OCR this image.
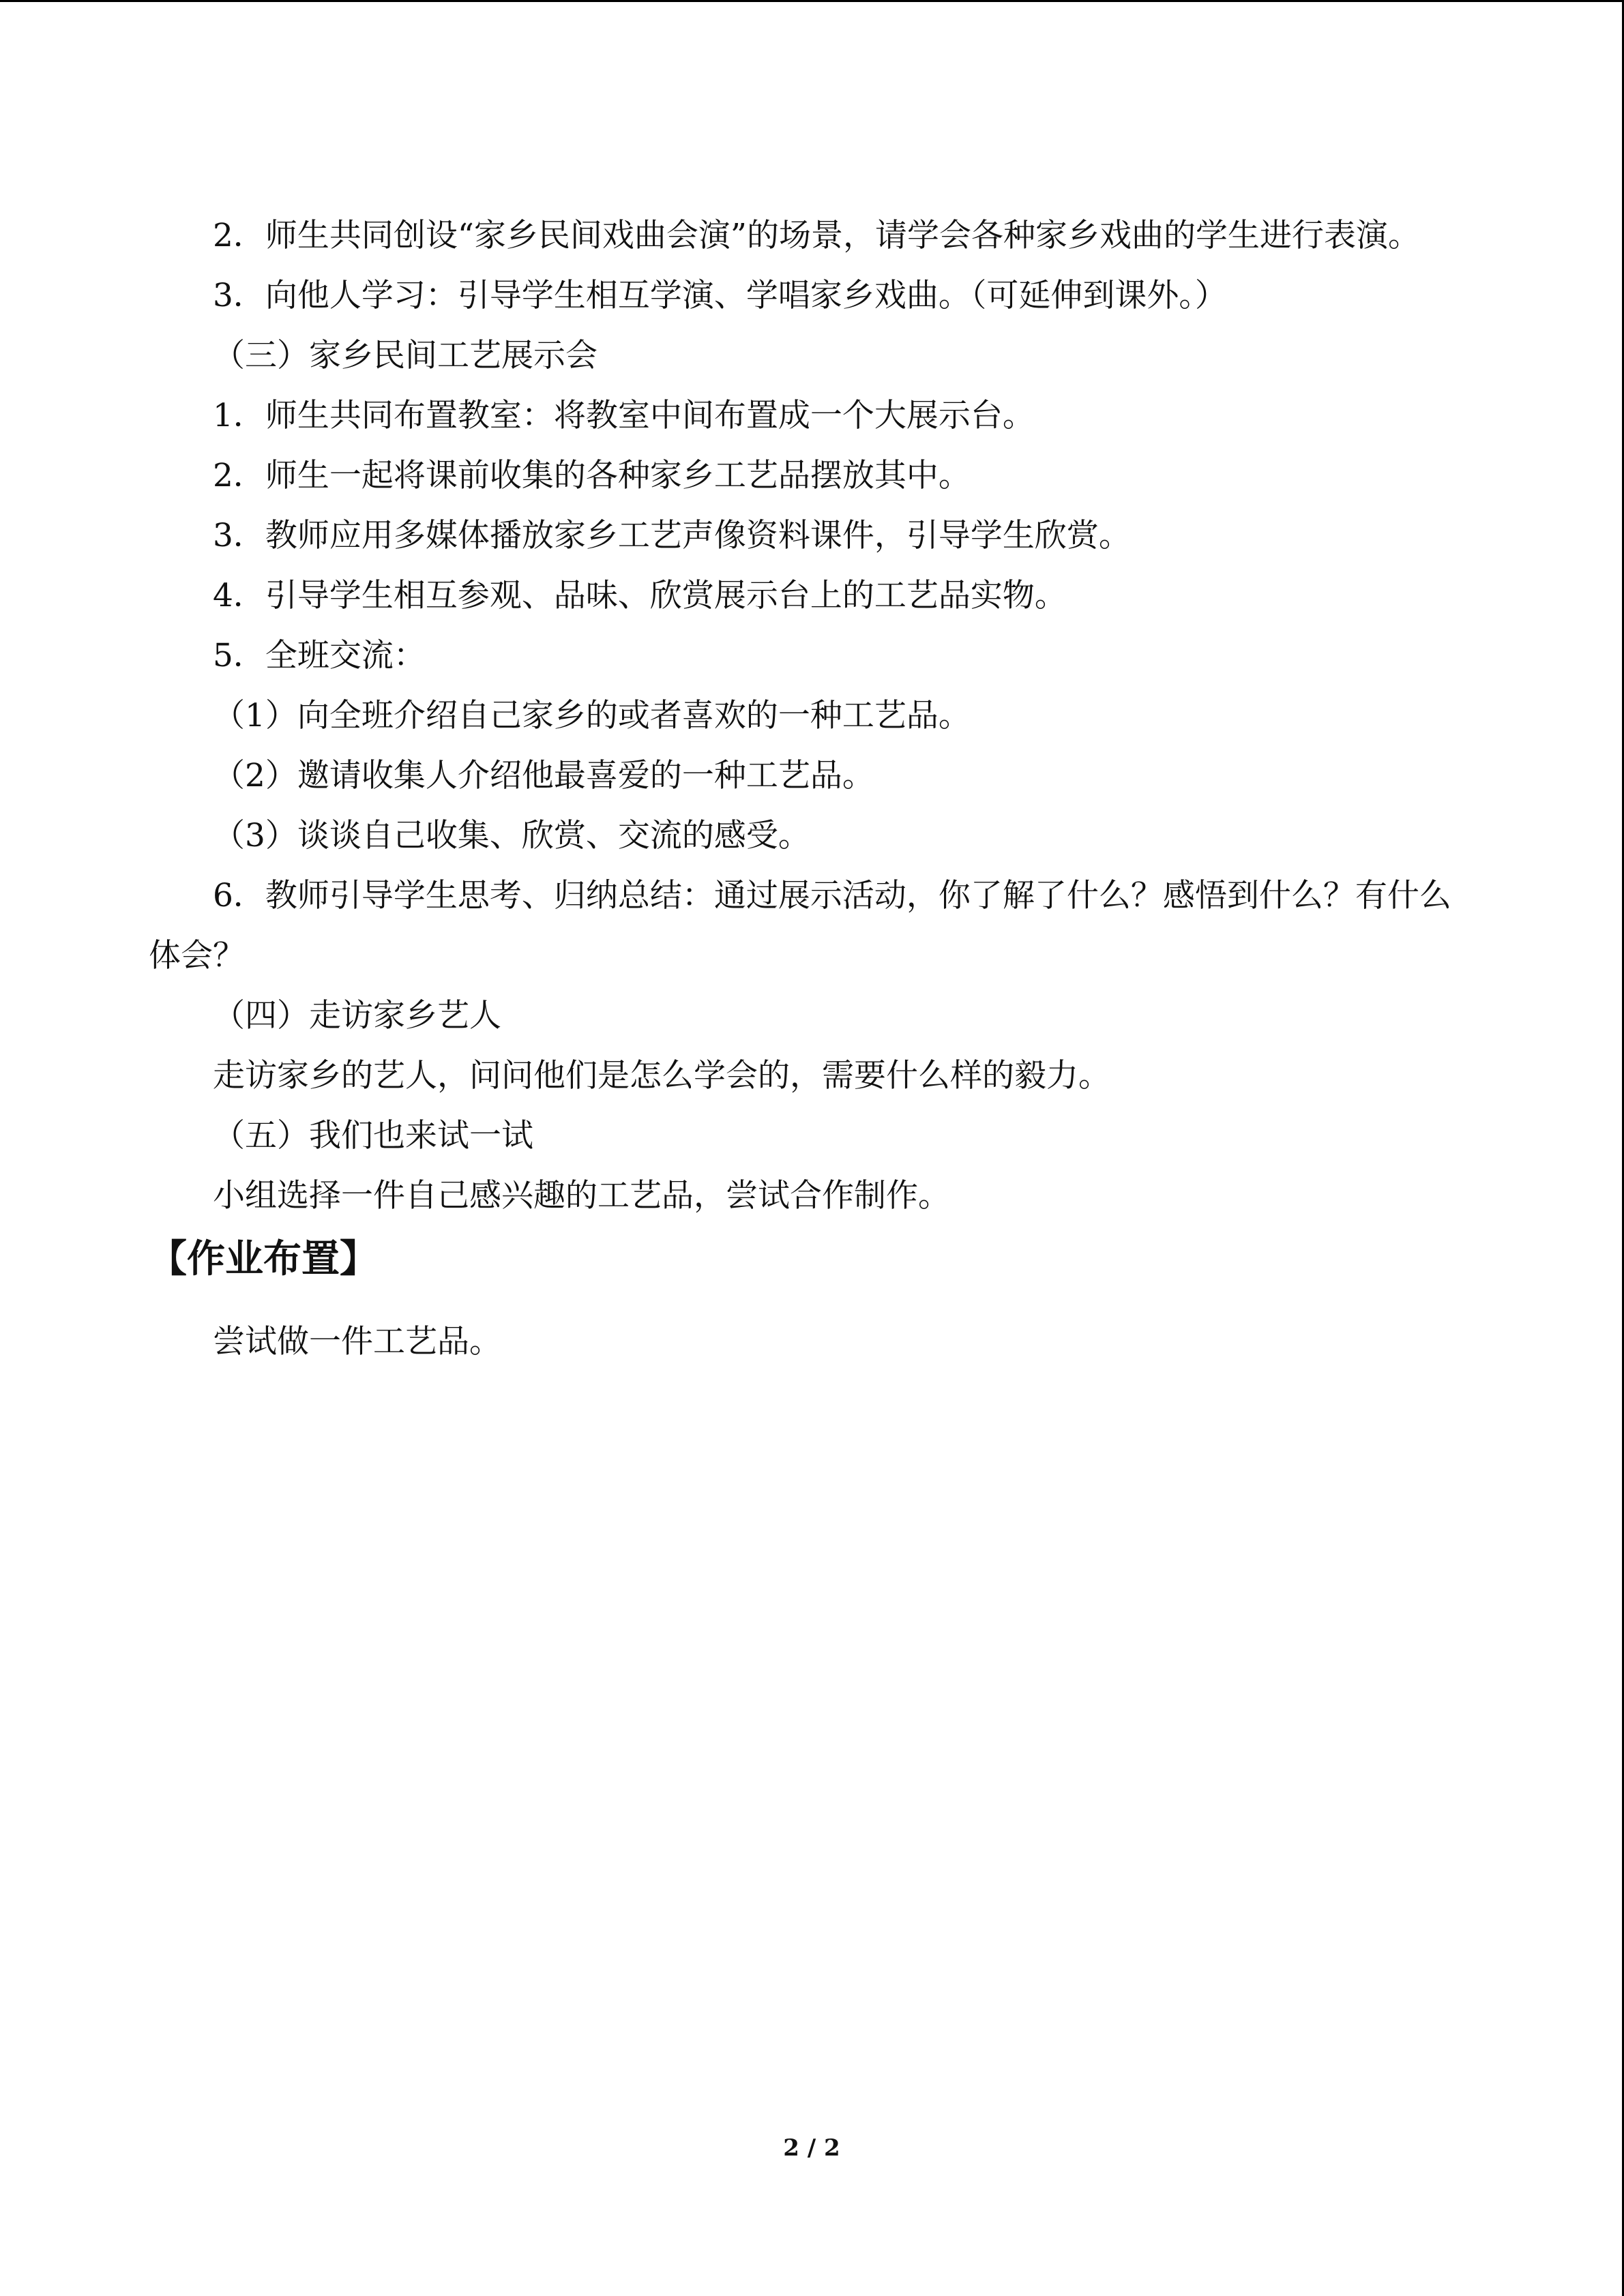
2．师生共同创设“家乡民间戏曲会演”的场景，请学会各种家乡戏曲的学生进行表演。
3．向他人学习：引导学生相互学演、学唱家乡戏曲。（可延伸到课外。）
（三）家乡民间工艺展示会
1．师生共同布置教室：将教室中间布置成一个大展示台。
2．师生一起将课前收集的各种家乡工艺品摆放其中。
3．教师应用多媒体播放家乡工艺声像资料课件，引导学生欣赏。
4．引导学生相互参观、品味、欣赏展示台上的工艺品实物。
5．全班交流：
（1）向全班介绍自己家乡的或者喜欢的一种工艺品。
（2）邀请收集人介绍他最喜爱的一种工艺品。
（3）谈谈自己收集、欣赏、交流的感受。
6．教师引导学生思考、归纳总结：通过展示活动，你了解了什么？感悟到什么？有什么
体会？
（四）走访家乡艺人
走访家乡的艺人，问问他们是怎么学会的，需要什么样的毅力。
（五）我们也来试一试
小组选择一件自己感兴趣的工艺品，尝试合作制作。
【作业布置】
尝试做一件工艺品。
2 / 2
